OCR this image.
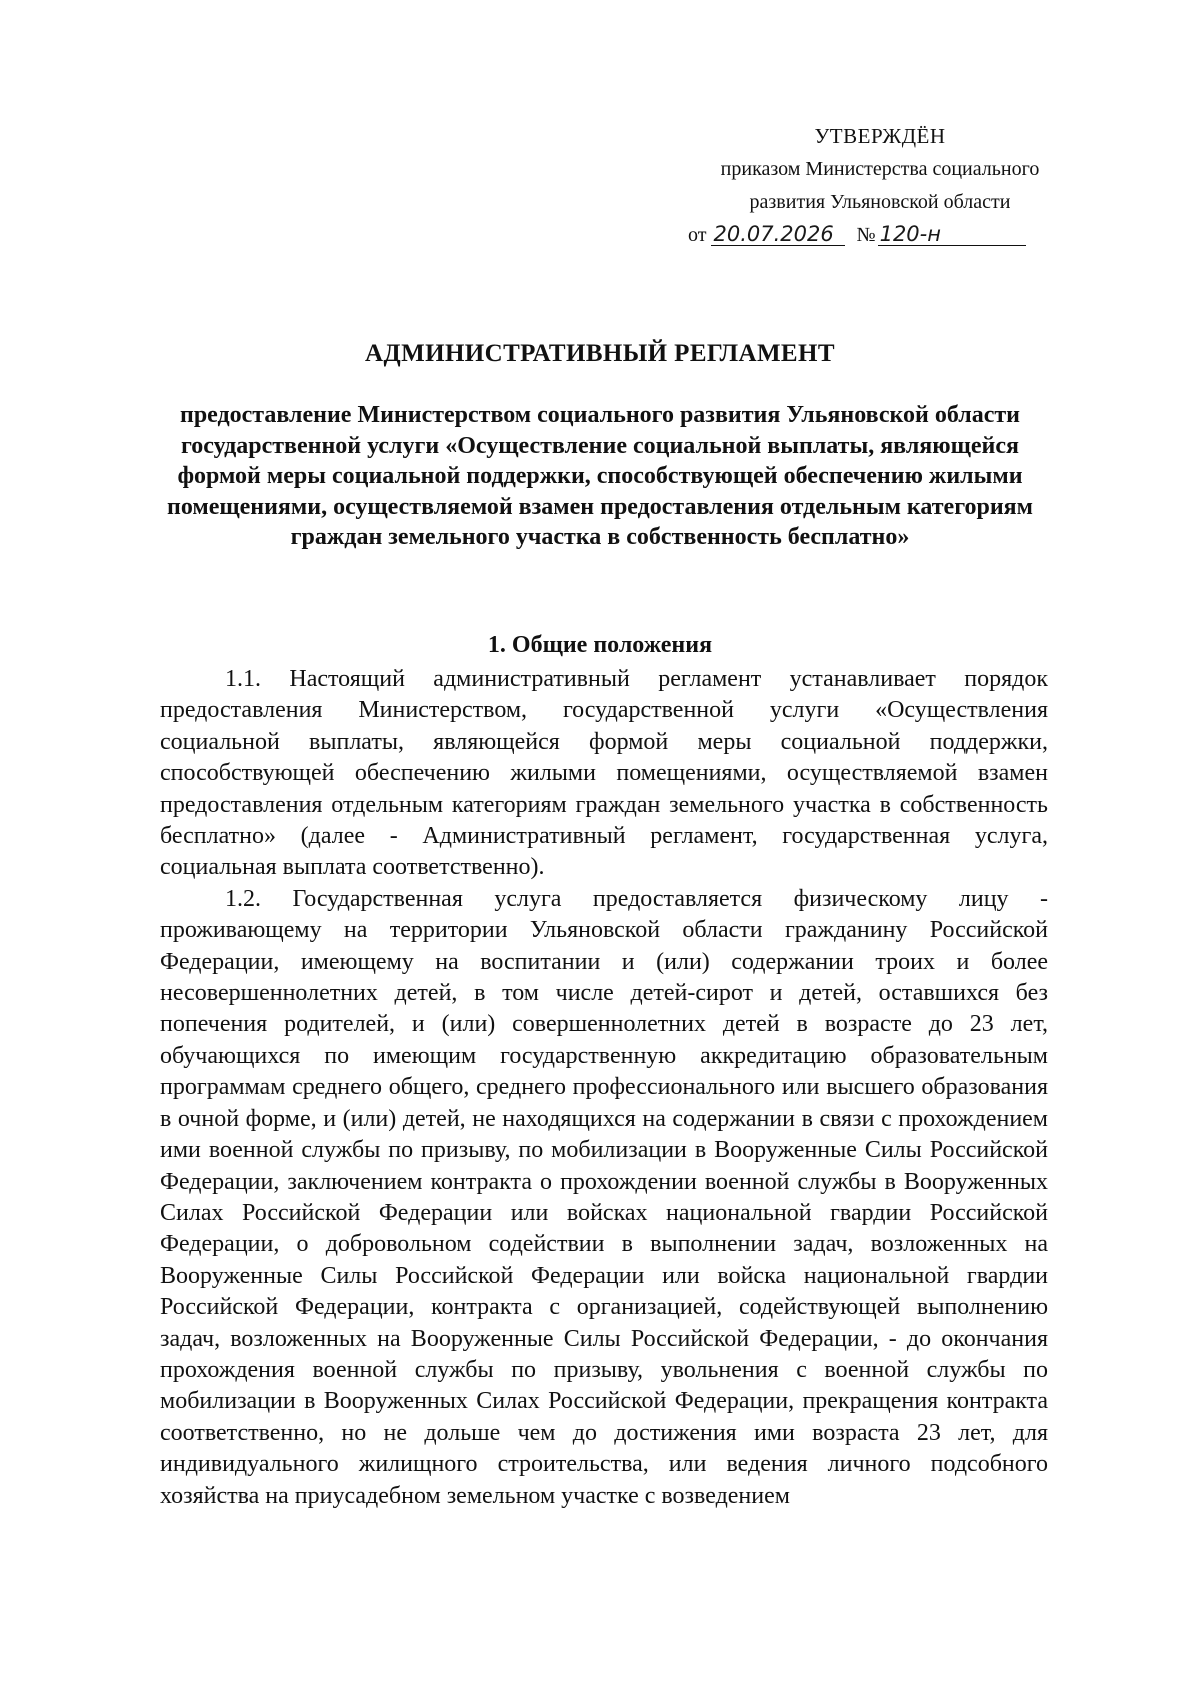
УТВЕРЖДЁН
приказом Министерства социального
развития Ульяновской области
от 20.07.2026 № 120-н
АДМИНИСТРАТИВНЫЙ РЕГЛАМЕНТ
предоставление Министерством социального развития Ульяновской области государственной услуги «Осуществление социальной выплаты, являющейся формой меры социальной поддержки, способствующей обеспечению жилыми помещениями, осуществляемой взамен предоставления отдельным категориям граждан земельного участка в собственность бесплатно»
1. Общие положения

1.1. Настоящий административный регламент устанавливает порядок предоставления Министерством, государственной услуги «Осуществления социальной выплаты, являющейся формой меры социальной поддержки, способствующей обеспечению жилыми помещениями, осуществляемой взамен предоставления отдельным категориям граждан земельного участка в собственность бесплатно» (далее - Административный регламент, государственная услуга, социальная выплата соответственно).

1.2. Государственная услуга предоставляется физическому лицу - проживающему на территории Ульяновской области гражданину Российской Федерации, имеющему на воспитании и (или) содержании троих и более несовершеннолетних детей, в том числе детей-сирот и детей, оставшихся без попечения родителей, и (или) совершеннолетних детей в возрасте до 23 лет, обучающихся по имеющим государственную аккредитацию образовательным программам среднего общего, среднего профессионального или высшего образования в очной форме, и (или) детей, не находящихся на содержании в связи с прохождением ими военной службы по призыву, по мобилизации в Вооруженные Силы Российской Федерации, заключением контракта о прохождении военной службы в Вооруженных Силах Российской Федерации или войсках национальной гвардии Российской Федерации, о добровольном содействии в выполнении задач, возложенных на Вооруженные Силы Российской Федерации или войска национальной гвардии Российской Федерации, контракта с организацией, содействующей выполнению задач, возложенных на Вооруженные Силы Российской Федерации, - до окончания прохождения военной службы по призыву, увольнения с военной службы по мобилизации в Вооруженных Силах Российской Федерации, прекращения контракта соответственно, но не дольше чем до достижения ими возраста 23 лет, для индивидуального жилищного строительства, или ведения личного подсобного хозяйства на приусадебном земельном участке с возведением
